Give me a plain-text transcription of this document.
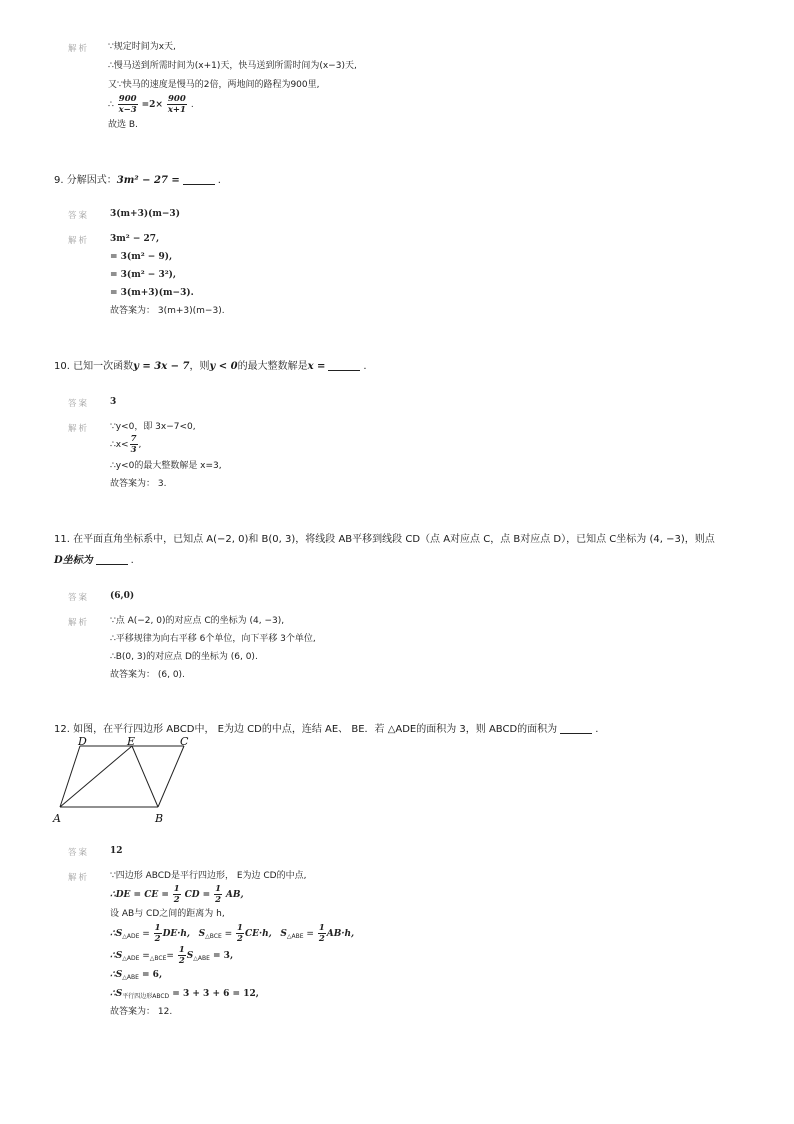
解析 ∵规定时间为x天,
∴慢马送到所需时间为(x+1)天，快马送到所需时间为(x−3)天,
又∵快马的速度是慢马的2倍，两地间的路程为900里,
∴ $\frac{900}{x-3} =2\times \frac{900}{x+1}$ .
故选 B.
9. 分解因式：3m² − 27 =	.
答案 3(m+3)(m−3)
解析 3m² − 27,
= 3(m² − 9),
= 3(m² − 3²),
= 3(m+3)(m−3).
故答案为： 3(m+3)(m−3).
10. 已知一次函数y = 3x − 7，则y < 0的最大整数解是x =	.
答案 3
解析 ∵y<0，即 3x−7<0,
∴x< $\frac{7}{3}$ ,
∴y<0的最大整数解是 x=3,
故答案为： 3.
11. 在平面直角坐标系中，已知点 A(−2, 0)和 B(0, 3)，将线段 AB平移到线段 CD（点 A对应点 C，点 B对应点 D），已知点 C坐标为 (4, −3)，则点
D坐标为	.
答案 (6,0)
解析 ∵点 A(−2, 0)的对应点 C的坐标为 (4, −3),
∴平移规律为向右平移 6个单位，向下平移 3个单位,
∴B(0, 3)的对应点 D的坐标为 (6, 0).
故答案为： (6, 0).
12. 如图，在平行四边形 ABCD中， E为边 CD的中点，连结 AE、 BE．若 △ADE的面积为 3，则 ABCD的面积为	.
D	E	C
A	B
答案 12
解析 ∵四边形 ABCD是平行四边形， E为边 CD的中点,
∴DE = CE = $\frac{1}{2}$ CD = $\frac{1}{2}$ AB,
设 AB与 CD之间的距离为 h,
$\therefore S_{\triangle ADE} = \frac{1}{2} DE\cdot h$, $S_{\triangle BCE} = \frac{1}{2} CE\cdot h$, $S_{\triangle ABE} = \frac{1}{2} AB\cdot h$,
$\therefore S_{\triangle ADE} =_{\triangle BCE}= \frac{1}{2} S_{\triangle ABE} = 3$,
$\therefore S_{\triangle ABE} = 6$,
$\therefore S_{平行四边形ABCD} = 3 + 3 + 6 = 12$,
故答案为： 12.
